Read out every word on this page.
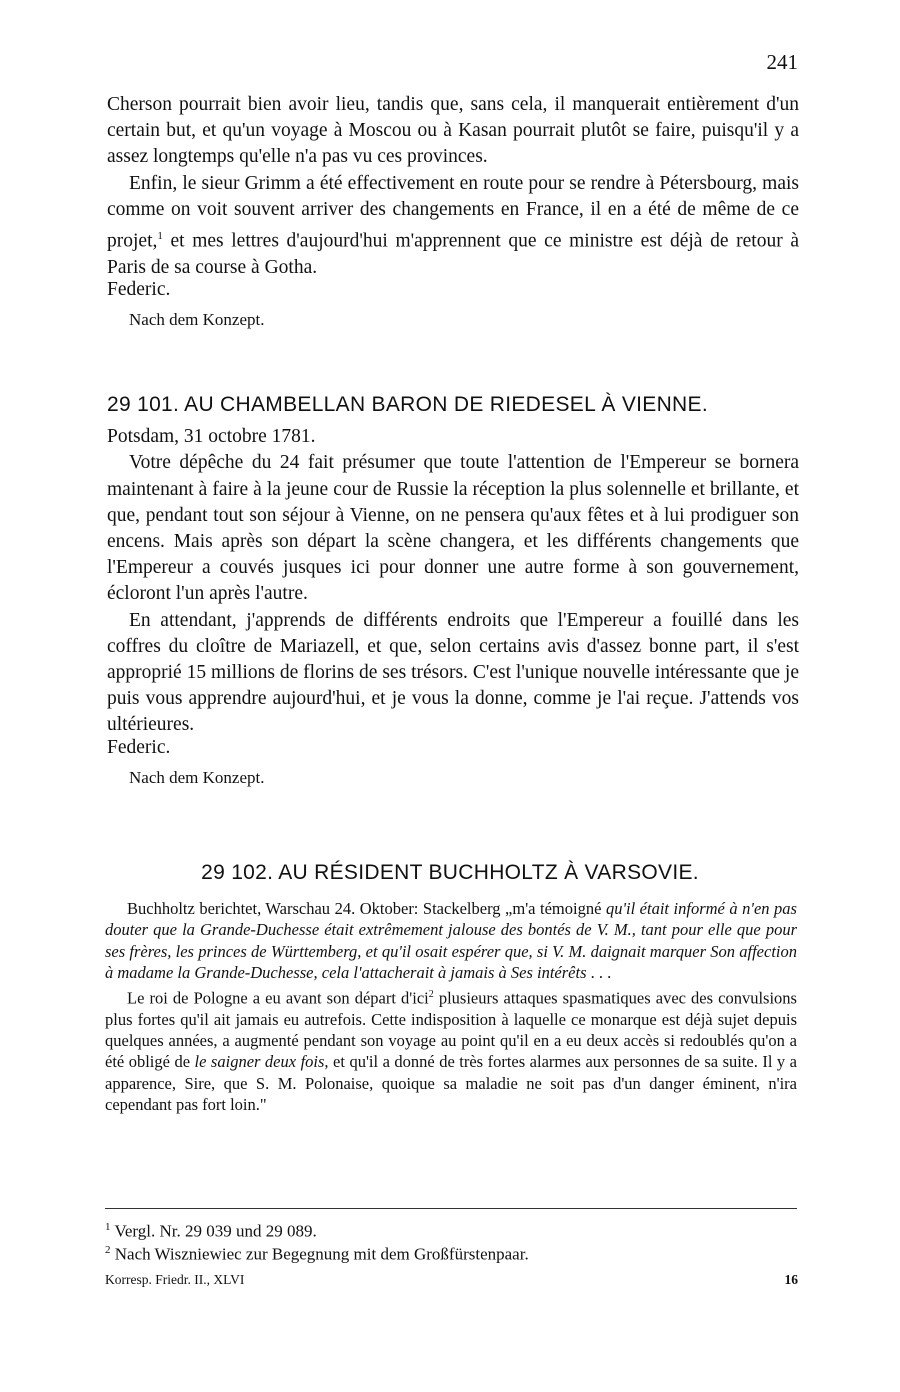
241

Cherson pourrait bien avoir lieu, tandis que, sans cela, il manquerait entièrement d'un certain but, et qu'un voyage à Moscou ou à Kasan pourrait plutôt se faire, puisqu'il y a assez longtemps qu'elle n'a pas vu ces provinces.

Enfin, le sieur Grimm a été effectivement en route pour se rendre à Pétersbourg, mais comme on voit souvent arriver des changements en France, il en a été de même de ce projet,$^1$ et mes lettres d'aujourd'hui m'apprennent que ce ministre est déjà de retour à Paris de sa course à Gotha.

Federic.

Nach dem Konzept.

29 101. AU CHAMBELLAN BARON DE RIEDESEL À VIENNE.

Potsdam, 31 octobre 1781.

Votre dépêche du 24 fait présumer que toute l'attention de l'Empereur se bornera maintenant à faire à la jeune cour de Russie la réception la plus solennelle et brillante, et que, pendant tout son séjour à Vienne, on ne pensera qu'aux fêtes et à lui prodiguer son encens. Mais après son départ la scène changera, et les différents changements que l'Empereur a couvés jusques ici pour donner une autre forme à son gouvernement, écloront l'un après l'autre.

En attendant, j'apprends de différents endroits que l'Empereur a fouillé dans les coffres du cloître de Mariazell, et que, selon certains avis d'assez bonne part, il s'est approprié 15 millions de florins de ses trésors. C'est l'unique nouvelle intéressante que je puis vous apprendre aujourd'hui, et je vous la donne, comme je l'ai reçue. J'attends vos ultérieures.

Federic.

Nach dem Konzept.

29 102. AU RÉSIDENT BUCHHOLTZ À VARSOVIE.

Buchholtz berichtet, Warschau 24. Oktober: Stackelberg „m'a témoigné qu'il était informé à n'en pas douter que la Grande-Duchesse était extrêmement jalouse des bontés de V. M., tant pour elle que pour ses frères, les princes de Württemberg, et qu'il osait espérer que, si V. M. daignait marquer Son affection à madame la Grande-Duchesse, cela l'attacherait à jamais à Ses intérêts . . .

Le roi de Pologne a eu avant son départ d'ici$^2$ plusieurs attaques spasmatiques avec des convulsions plus fortes qu'il ait jamais eu autrefois. Cette indisposition à laquelle ce monarque est déjà sujet depuis quelques années, a augmenté pendant son voyage au point qu'il en a eu deux accès si redoublés qu'on a été obligé de le saigner deux fois, et qu'il a donné de très fortes alarmes aux personnes de sa suite. Il y a apparence, Sire, que S. M. Polonaise, quoique sa maladie ne soit pas d'un danger éminent, n'ira cependant pas fort loin."

$^1$ Vergl. Nr. 29 039 und 29 089.
$^2$ Nach Wiszniewiec zur Begegnung mit dem Großfürstenpaar.
Korresp. Friedr. II., XLVI	16
